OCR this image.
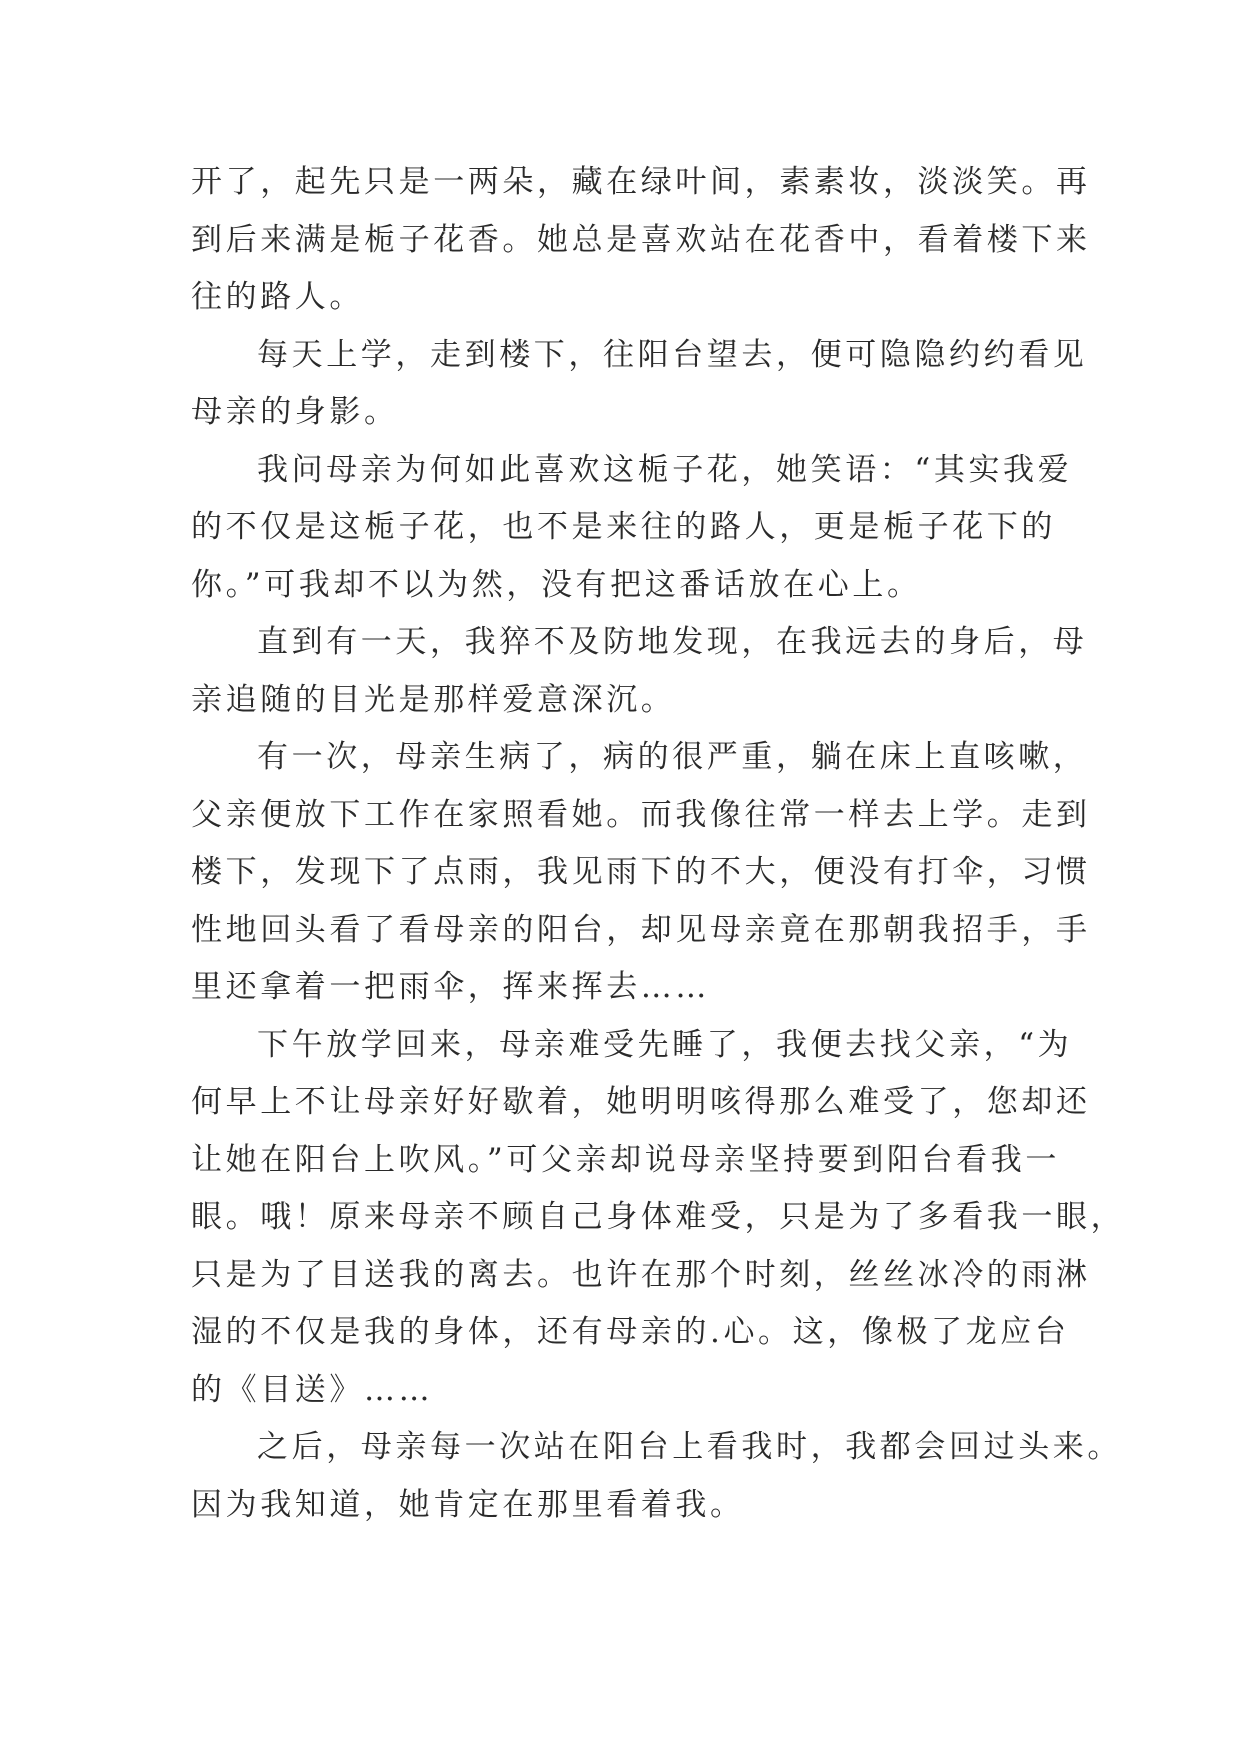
开了，起先只是一两朵，藏在绿叶间，素素妆，淡淡笑。再
到后来满是栀子花香。她总是喜欢站在花香中，看着楼下来
往的路人。
每天上学，走到楼下，往阳台望去，便可隐隐约约看见
母亲的身影。
我问母亲为何如此喜欢这栀子花，她笑语：“其实我爱
的不仅是这栀子花，也不是来往的路人，更是栀子花下的
你。”可我却不以为然，没有把这番话放在心上。
直到有一天，我猝不及防地发现，在我远去的身后，母
亲追随的目光是那样爱意深沉。
有一次，母亲生病了，病的很严重，躺在床上直咳嗽，
父亲便放下工作在家照看她。而我像往常一样去上学。走到
楼下，发现下了点雨，我见雨下的不大，便没有打伞，习惯
性地回头看了看母亲的阳台，却见母亲竟在那朝我招手，手
里还拿着一把雨伞，挥来挥去……
下午放学回来，母亲难受先睡了，我便去找父亲，“为
何早上不让母亲好好歇着，她明明咳得那么难受了，您却还
让她在阳台上吹风。”可父亲却说母亲坚持要到阳台看我一
眼。哦！原来母亲不顾自己身体难受，只是为了多看我一眼，
只是为了目送我的离去。也许在那个时刻，丝丝冰冷的雨淋
湿的不仅是我的身体，还有母亲的.心。这，像极了龙应台
的《目送》……
之后，母亲每一次站在阳台上看我时，我都会回过头来。
因为我知道，她肯定在那里看着我。
